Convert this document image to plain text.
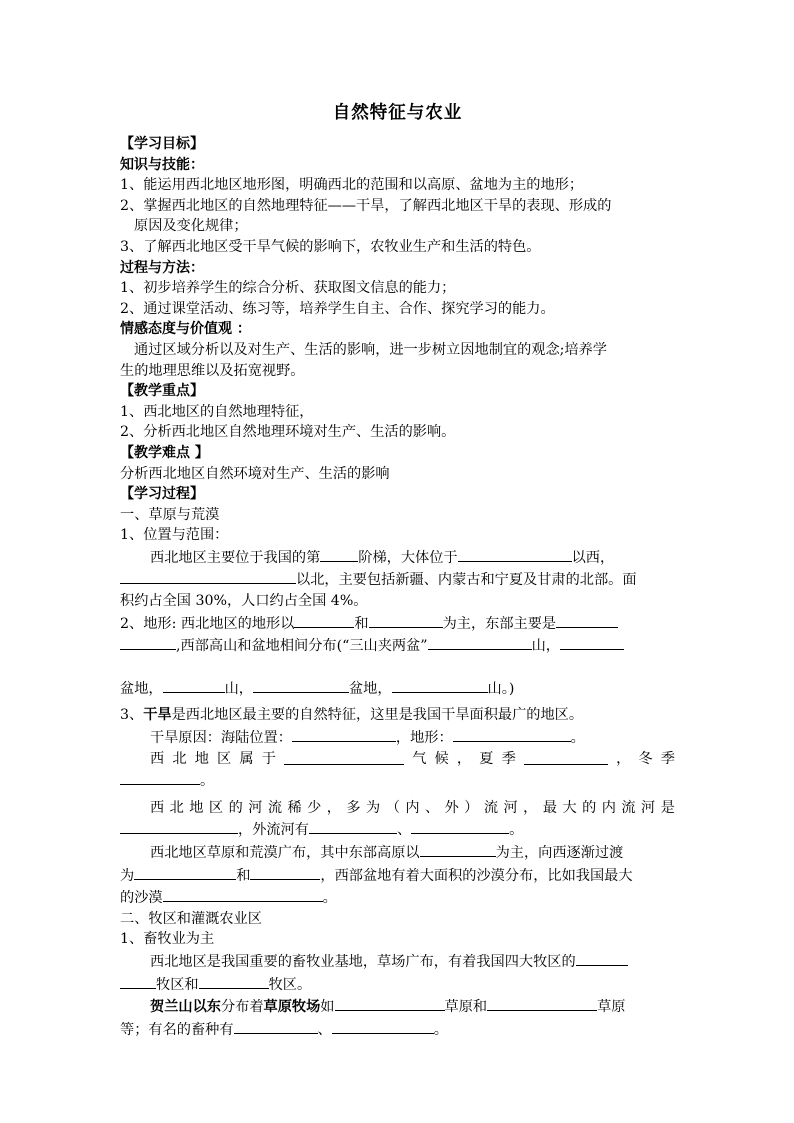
自然特征与农业
【学习目标】
知识与技能：
1、能运用西北地区地形图，明确西北的范围和以高原、盆地为主的地形；
2、掌握西北地区的自然地理特征——干旱，了解西北地区干旱的表现、形成的
原因及变化规律；
3、了解西北地区受干旱气候的影响下，农牧业生产和生活的特色。
过程与方法：
1、初步培养学生的综合分析、获取图文信息的能力；
2、通过课堂活动、练习等，培养学生自主、合作、探究学习的能力。
情感态度与价值观 ：
通过区域分析以及对生产、生活的影响，进一步树立因地制宜的观念;培养学
生的地理思维以及拓宽视野。
【教学重点】
1、西北地区的自然地理特征，
2、分析西北地区自然地理环境对生产、生活的影响。
【教学难点 】
分析西北地区自然环境对生产、生活的影响
【学习过程】
一、草原与荒漠
1、位置与范围：
西北地区主要位于我国的第	阶梯，大体位于	以西，
以北，主要包括新疆、内蒙古和宁夏及甘肃的北部。面
积约占全国 30%，人口约占全国 4%。
2、地形: 西北地区的地形以	和	为主，东部主要是
,西部高山和盆地相间分布(“三山夹两盆”	山，
盆地，	山，	盆地，	山。)
3、干旱是西北地区最主要的自然特征，这里是我国干旱面积最广的地区。
干旱原因：海陆位置：	，地形：	。
西 北 地 区 属 于	气 候 ， 夏 季	， 冬 季
。
西 北 地 区 的 河 流 稀 少 ， 多 为 （ 内 、 外 ） 流 河 ， 最 大 的 内 流 河 是
，外流河有	、	。
西北地区草原和荒漠广布，其中东部高原以	为主，向西逐渐过渡
为	和	，西部盆地有着大面积的沙漠分布，比如我国最大
的沙漠	。
二、牧区和灌溉农业区
1、畜牧业为主
西北地区是我国重要的畜牧业基地，草场广布，有着我国四大牧区的
牧区和	牧区。
贺兰山以东分布着草原牧场如	草原和	草原
等；有名的畜种有	、	。
